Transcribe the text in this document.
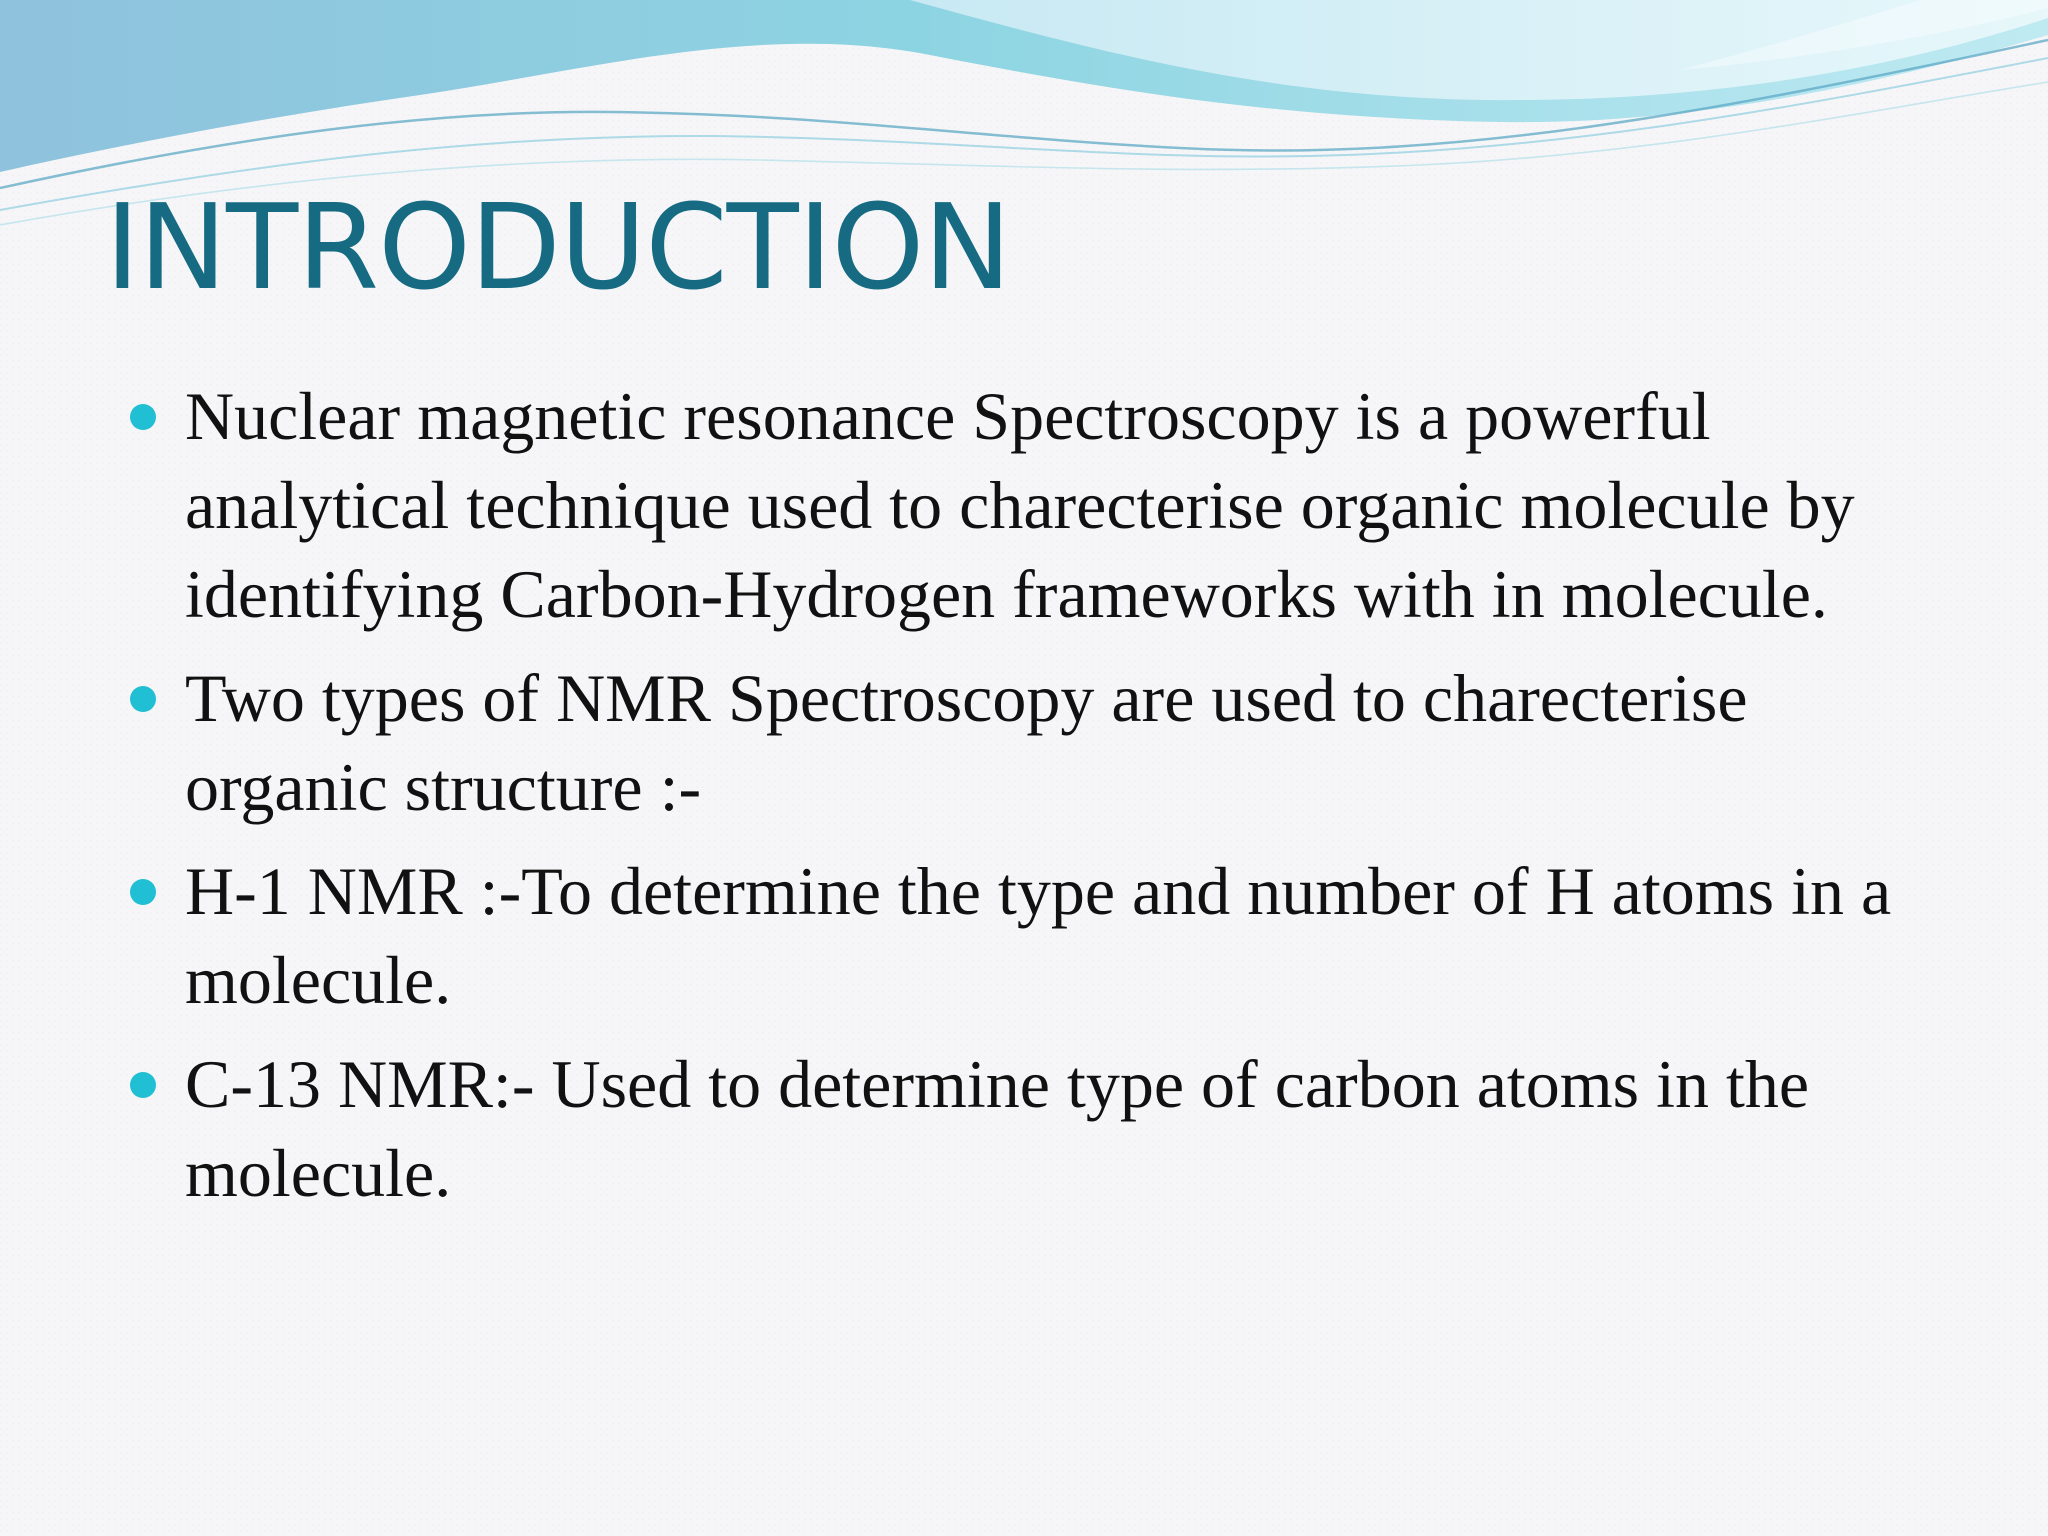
INTRODUCTION
Nuclear magnetic resonance Spectroscopy is a powerful analytical technique used to charecterise organic molecule by identifying Carbon-Hydrogen frameworks with in molecule.
Two types of NMR Spectroscopy are used to charecterise organic structure :-
H-1 NMR :-To determine the type and number of H atoms in a molecule.
C-13 NMR:- Used to determine type of carbon atoms in the molecule.
